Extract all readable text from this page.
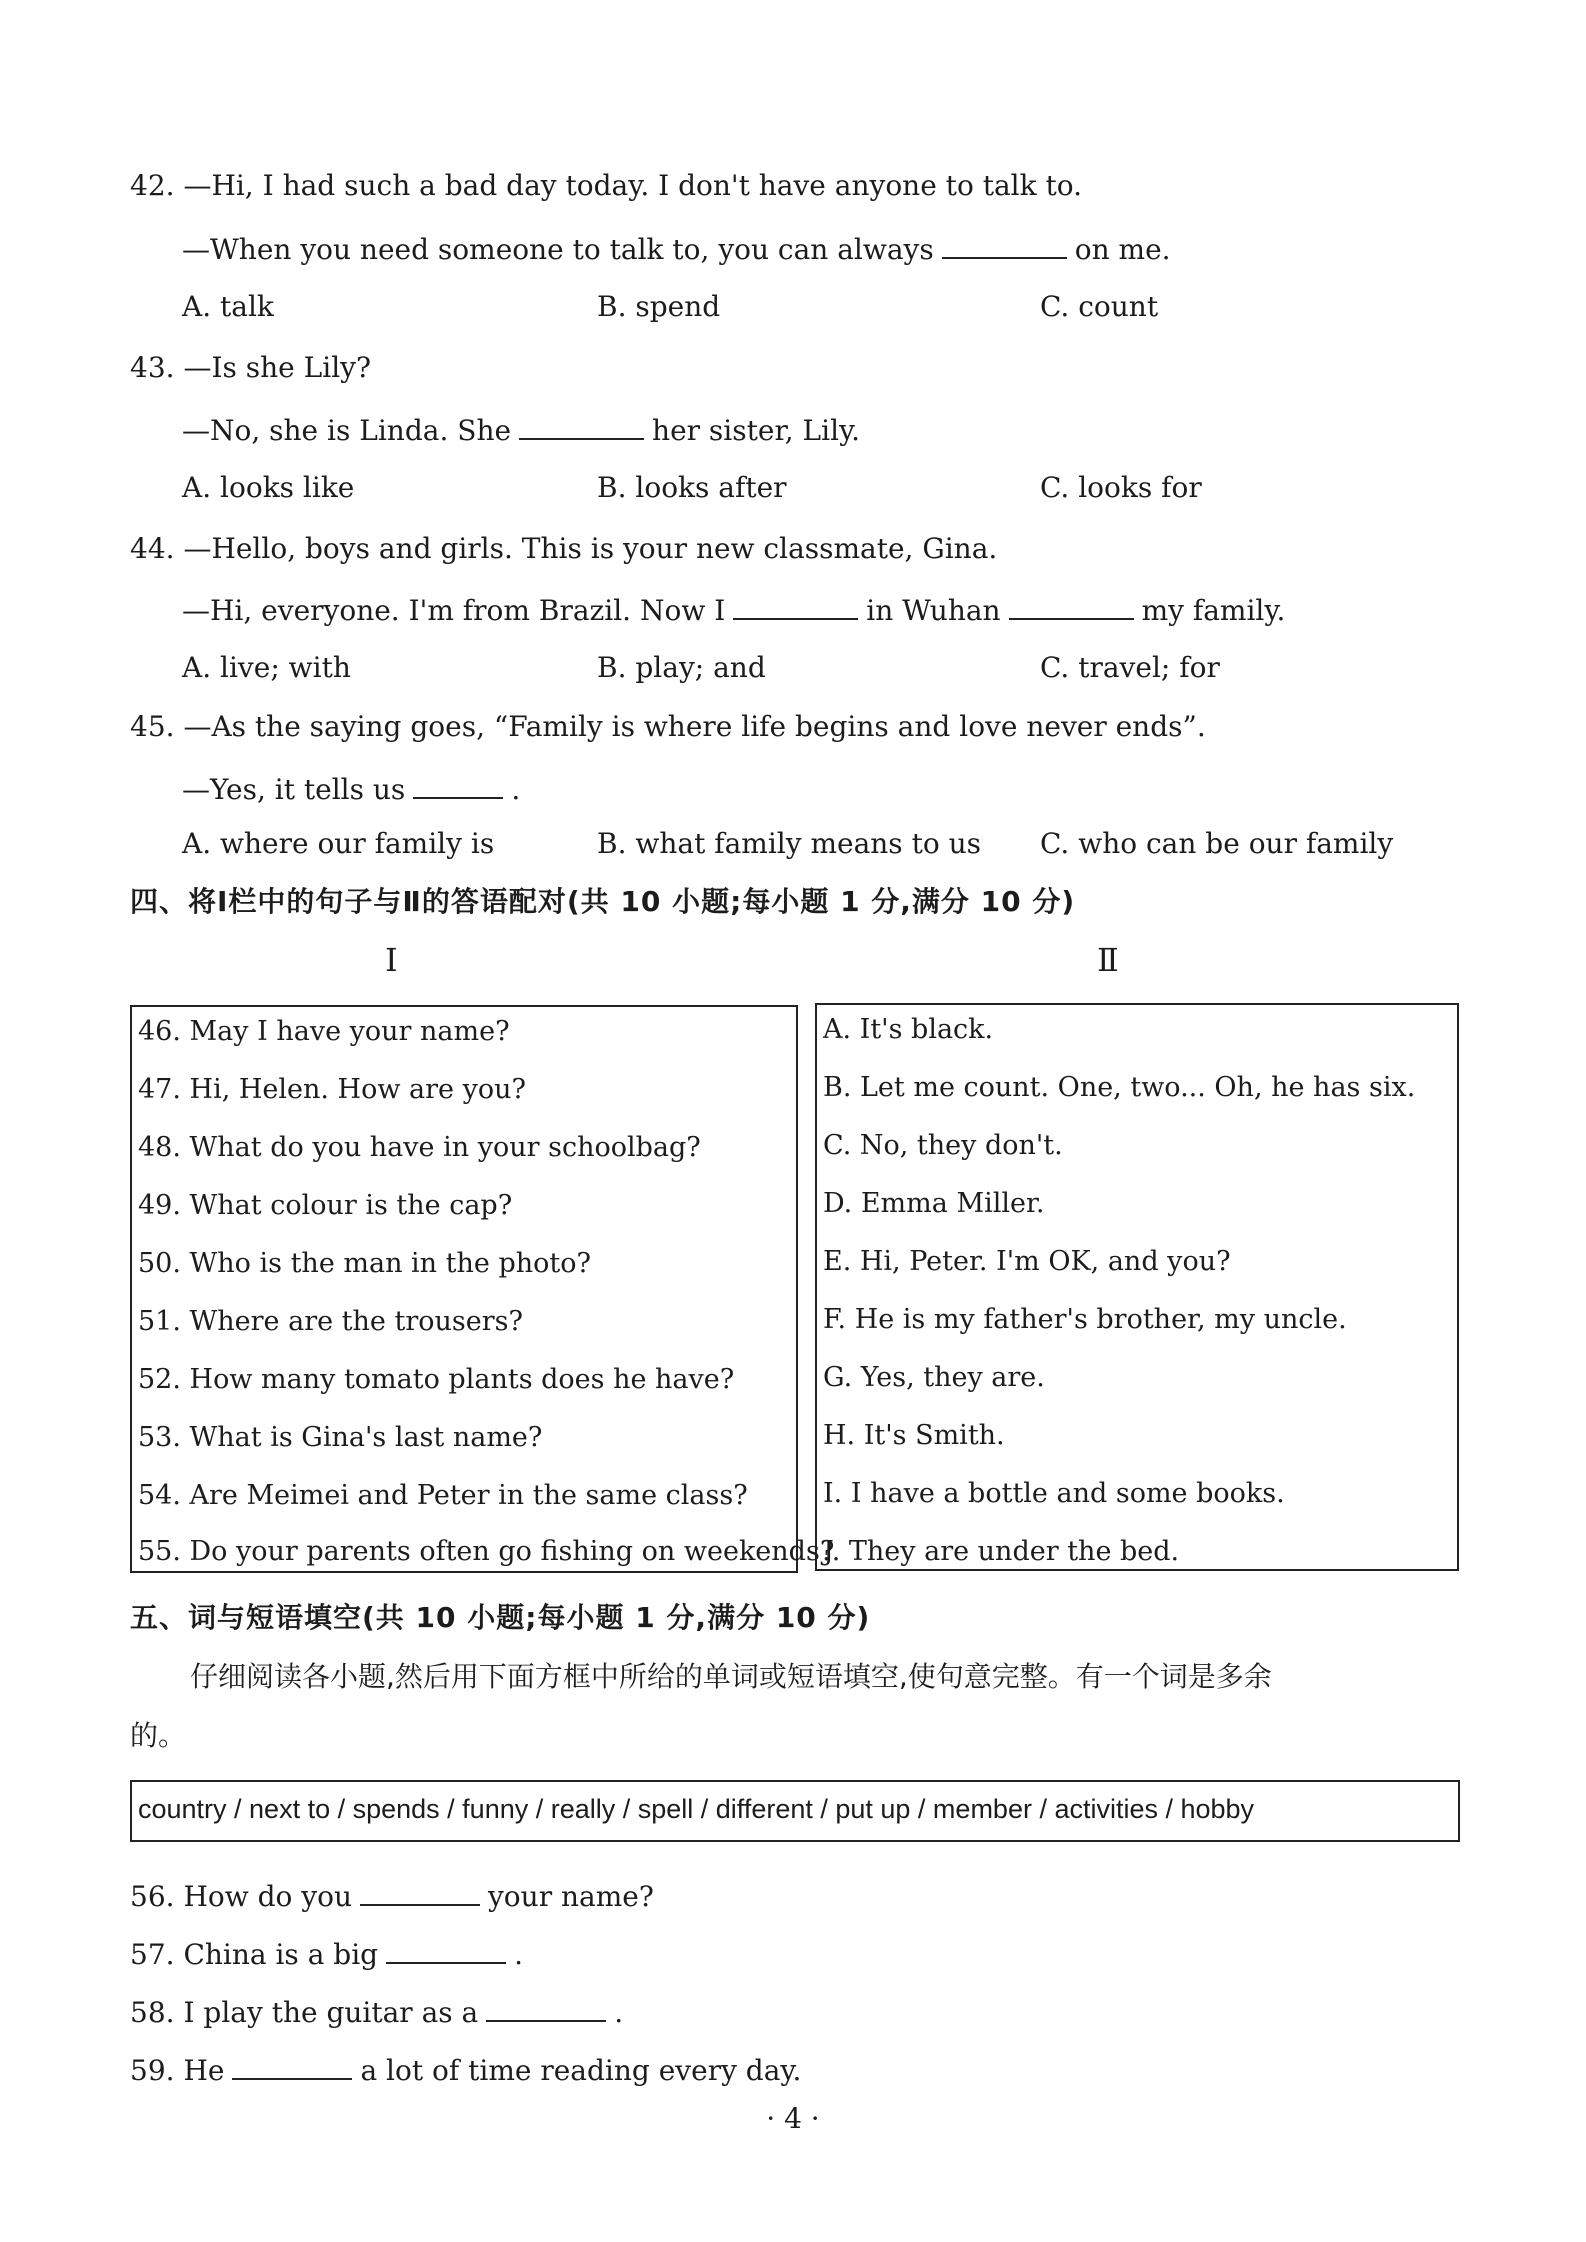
42. —Hi, I had such a bad day today. I don't have anyone to talk to.
—When you need someone to talk to, you can always	on me.
A. talk	B. spend	C. count
43. —Is she Lily?
—No, she is Linda. She	her sister, Lily.
A. looks like	B. looks after	C. looks for
44. —Hello, boys and girls. This is your new classmate, Gina.
—Hi, everyone. I'm from Brazil. Now I	in Wuhan	my family.
A. live; with	B. play; and	C. travel; for
45. —As the saying goes, “Family is where life begins and love never ends”.
—Yes, it tells us	.
A. where our family is	B. what family means to us C. who can be our family
四、将Ⅰ栏中的句子与Ⅱ的答语配对(共 10 小题;每小题 1 分,满分 10 分)
Ⅰ	Ⅱ
46. May I have your name?
47. Hi, Helen. How are you?
48. What do you have in your schoolbag?
49. What colour is the cap?
50. Who is the man in the photo?
51. Where are the trousers?
52. How many tomato plants does he have?
53. What is Gina's last name?
54. Are Meimei and Peter in the same class?
55. Do your parents often go fishing on weekends?
A. It's black.
B. Let me count. One, two... Oh, he has six.
C. No, they don't.
D. Emma Miller.
E. Hi, Peter. I'm OK, and you?
F. He is my father's brother, my uncle.
G. Yes, they are.
H. It's Smith.
I. I have a bottle and some books.
J. They are under the bed.
五、词与短语填空(共 10 小题;每小题 1 分,满分 10 分)
仔细阅读各小题,然后用下面方框中所给的单词或短语填空,使句意完整。有一个词是多余
的。
country / next to / spends / funny / really / spell / different / put up / member / activities / hobby
56. How do you	your name?
57. China is a big	.
58. I play the guitar as a	.
59. He	a lot of time reading every day.
· 4 ·
